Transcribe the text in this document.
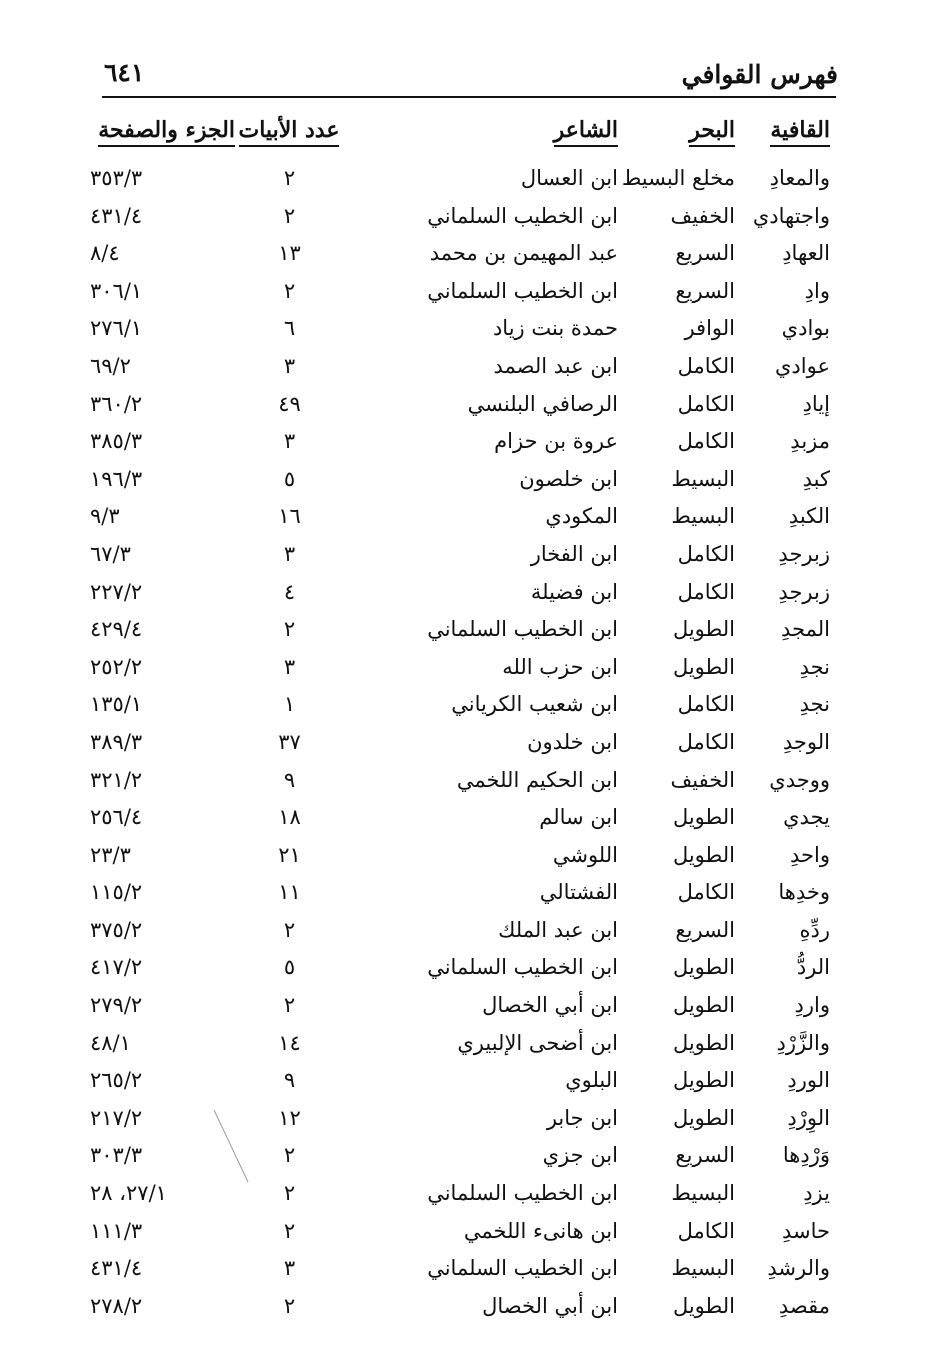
فهرس القوافي
٦٤١
القافية
البحر
الشاعر
عدد الأبيات
الجزء والصفحة
والمعادِ
مخلع البسيط
ابن العسال
٢
٣٥٣/٣
واجتهادي
الخفيف
ابن الخطيب السلماني
٢
٤٣١/٤
العهادِ
السريع
عبد المهيمن بن محمد
١٣
٨/٤
وادِ
السريع
ابن الخطيب السلماني
٢
٣٠٦/١
بوادي
الوافر
حمدة بنت زياد
٦
٢٧٦/١
عوادي
الكامل
ابن عبد الصمد
٣
٦٩/٢
إيادِ
الكامل
الرصافي البلنسي
٤٩
٣٦٠/٢
مزبدِ
الكامل
عروة بن حزام
٣
٣٨٥/٣
كبدِ
البسيط
ابن خلصون
٥
١٩٦/٣
الكبدِ
البسيط
المكودي
١٦
٩/٣
زبرجدِ
الكامل
ابن الفخار
٣
٦٧/٣
زبرجدِ
الكامل
ابن فضيلة
٤
٢٢٧/٢
المجدِ
الطويل
ابن الخطيب السلماني
٢
٤٢٩/٤
نجدِ
الطويل
ابن حزب الله
٣
٢٥٢/٢
نجدِ
الكامل
ابن شعيب الكرياني
١
١٣٥/١
الوجدِ
الكامل
ابن خلدون
٣٧
٣٨٩/٣
ووجدي
الخفيف
ابن الحكيم اللخمي
٩
٣٢١/٢
يجدي
الطويل
ابن سالم
١٨
٢٥٦/٤
واحدِ
الطويل
اللوشي
٢١
٢٣/٣
وخدِها
الكامل
الفشتالي
١١
١١٥/٢
ردِّهِ
السريع
ابن عبد الملك
٢
٣٧٥/٢
الردُّ
الطويل
ابن الخطيب السلماني
٥
٤١٧/٢
واردِ
الطويل
ابن أبي الخصال
٢
٢٧٩/٢
والزَّرْدِ
الطويل
ابن أضحى الإلبيري
١٤
٤٨/١
الوردِ
الطويل
البلوي
٩
٢٦٥/٢
الوِرْدِ
الطويل
ابن جابر
١٢
٢١٧/٢
وَرْدِها
السريع
ابن جزي
٢
٣٠٣/٣
يزدِ
البسيط
ابن الخطيب السلماني
٢
٢٧/١، ٢٨
حاسدِ
الكامل
ابن هانىء اللخمي
٢
١١١/٣
والرشدِ
البسيط
ابن الخطيب السلماني
٣
٤٣١/٤
مقصدِ
الطويل
ابن أبي الخصال
٢
٢٧٨/٢
